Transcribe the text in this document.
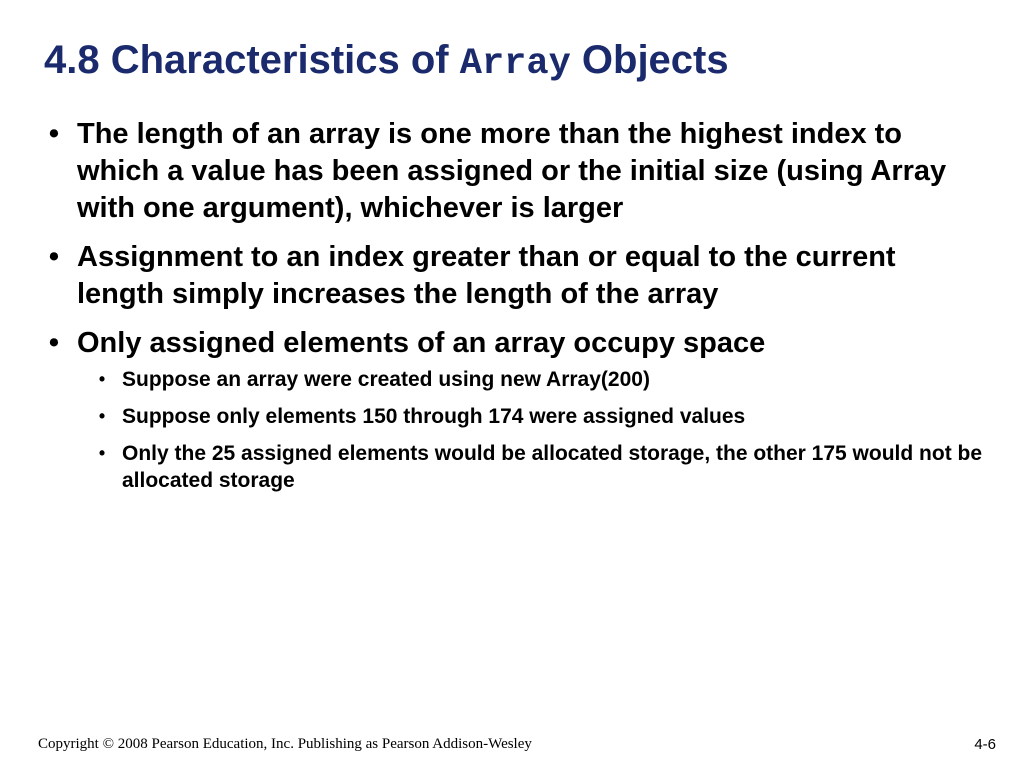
4.8 Characteristics of Array Objects
• The length of an array is one more than the highest index to which a value has been assigned or the initial size (using Array with one argument), whichever is larger
• Assignment to an index greater than or equal to the current length simply increases the length of the array
• Only assigned elements of an array occupy space
• Suppose an array were created using new Array(200)
• Suppose only elements 150 through 174 were assigned values
• Only the 25 assigned elements would be allocated storage, the other 175 would not be allocated storage
Copyright © 2008 Pearson Education, Inc. Publishing as Pearson Addison-Wesley	4-6
